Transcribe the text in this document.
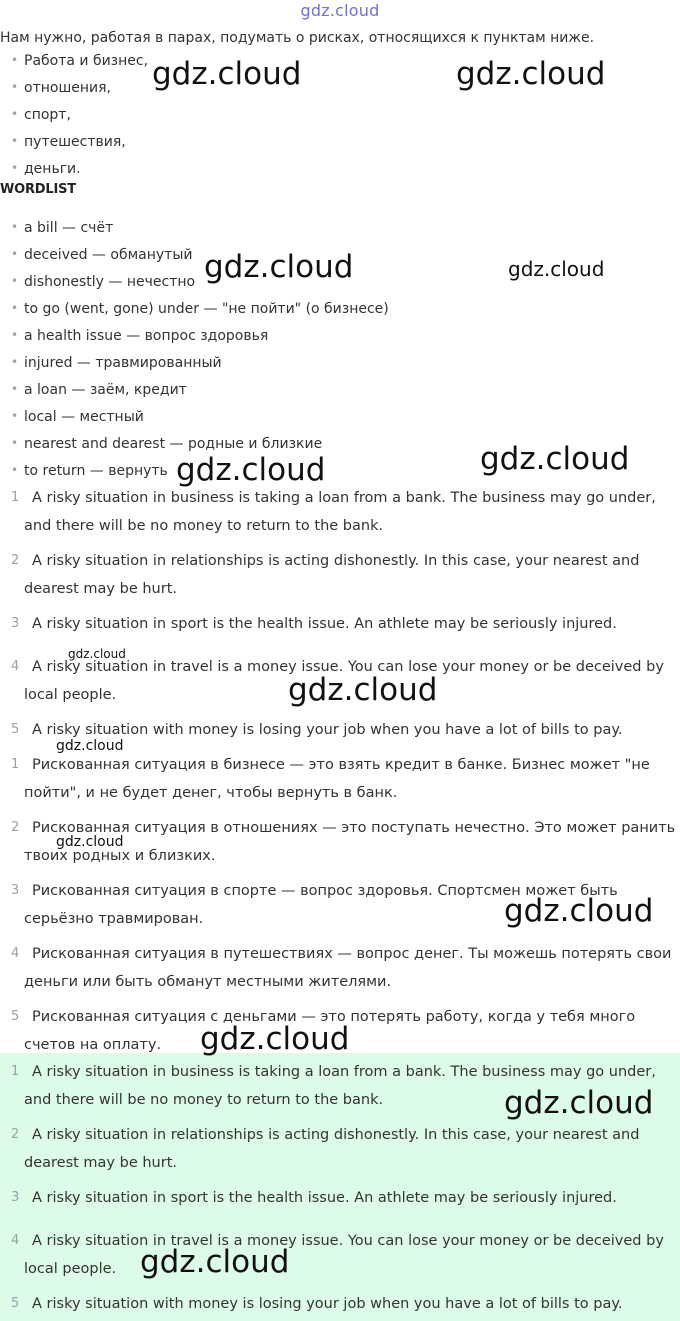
gdz.cloud
Нам нужно, работая в парах, подумать о рисках, относящихся к пунктам ниже.
• Работа и бизнес,
• отношения,
• спорт,
• путешествия,
• деньги.
WORDLIST
• a bill — счёт
• deceived — обманутый
• dishonestly — нечестно
• to go (went, gone) under — "не пойти" (о бизнесе)
• a health issue — вопрос здоровья
• injured — травмированный
• a loan — заём, кредит
• local — местный
• nearest and dearest — родные и близкие
• to return — вернуть
1 A risky situation in business is taking a loan from a bank. The business may go under, and there will be no money to return to the bank.
2 A risky situation in relationships is acting dishonestly. In this case, your nearest and dearest may be hurt.
3 A risky situation in sport is the health issue. An athlete may be seriously injured.
4 A risky situation in travel is a money issue. You can lose your money or be deceived by local people.
5 A risky situation with money is losing your job when you have a lot of bills to pay.
1 Рискованная ситуация в бизнесе — это взять кредит в банке. Бизнес может "не пойти", и не будет денег, чтобы вернуть в банк.
2 Рискованная ситуация в отношениях — это поступать нечестно. Это может ранить твоих родных и близких.
3 Рискованная ситуация в спорте — вопрос здоровья. Спортсмен может быть серьёзно травмирован.
4 Рискованная ситуация в путешествиях — вопрос денег. Ты можешь потерять свои деньги или быть обманут местными жителями.
5 Рискованная ситуация с деньгами — это потерять работу, когда у тебя много счетов на оплату.
1 A risky situation in business is taking a loan from a bank. The business may go under, and there will be no money to return to the bank.
2 A risky situation in relationships is acting dishonestly. In this case, your nearest and dearest may be hurt.
3 A risky situation in sport is the health issue. An athlete may be seriously injured.
4 A risky situation in travel is a money issue. You can lose your money or be deceived by local people.
5 A risky situation with money is losing your job when you have a lot of bills to pay.
gdz.cloud	gdz.cloud
gdz.cloud	gdz.cloud
gdz.cloud	gdz.cloud
gdz.cloud
gdz.cloud
gdz.cloud
gdz.cloud
gdz.cloud
gdz.cloud
gdz.cloud
gdz.cloud
